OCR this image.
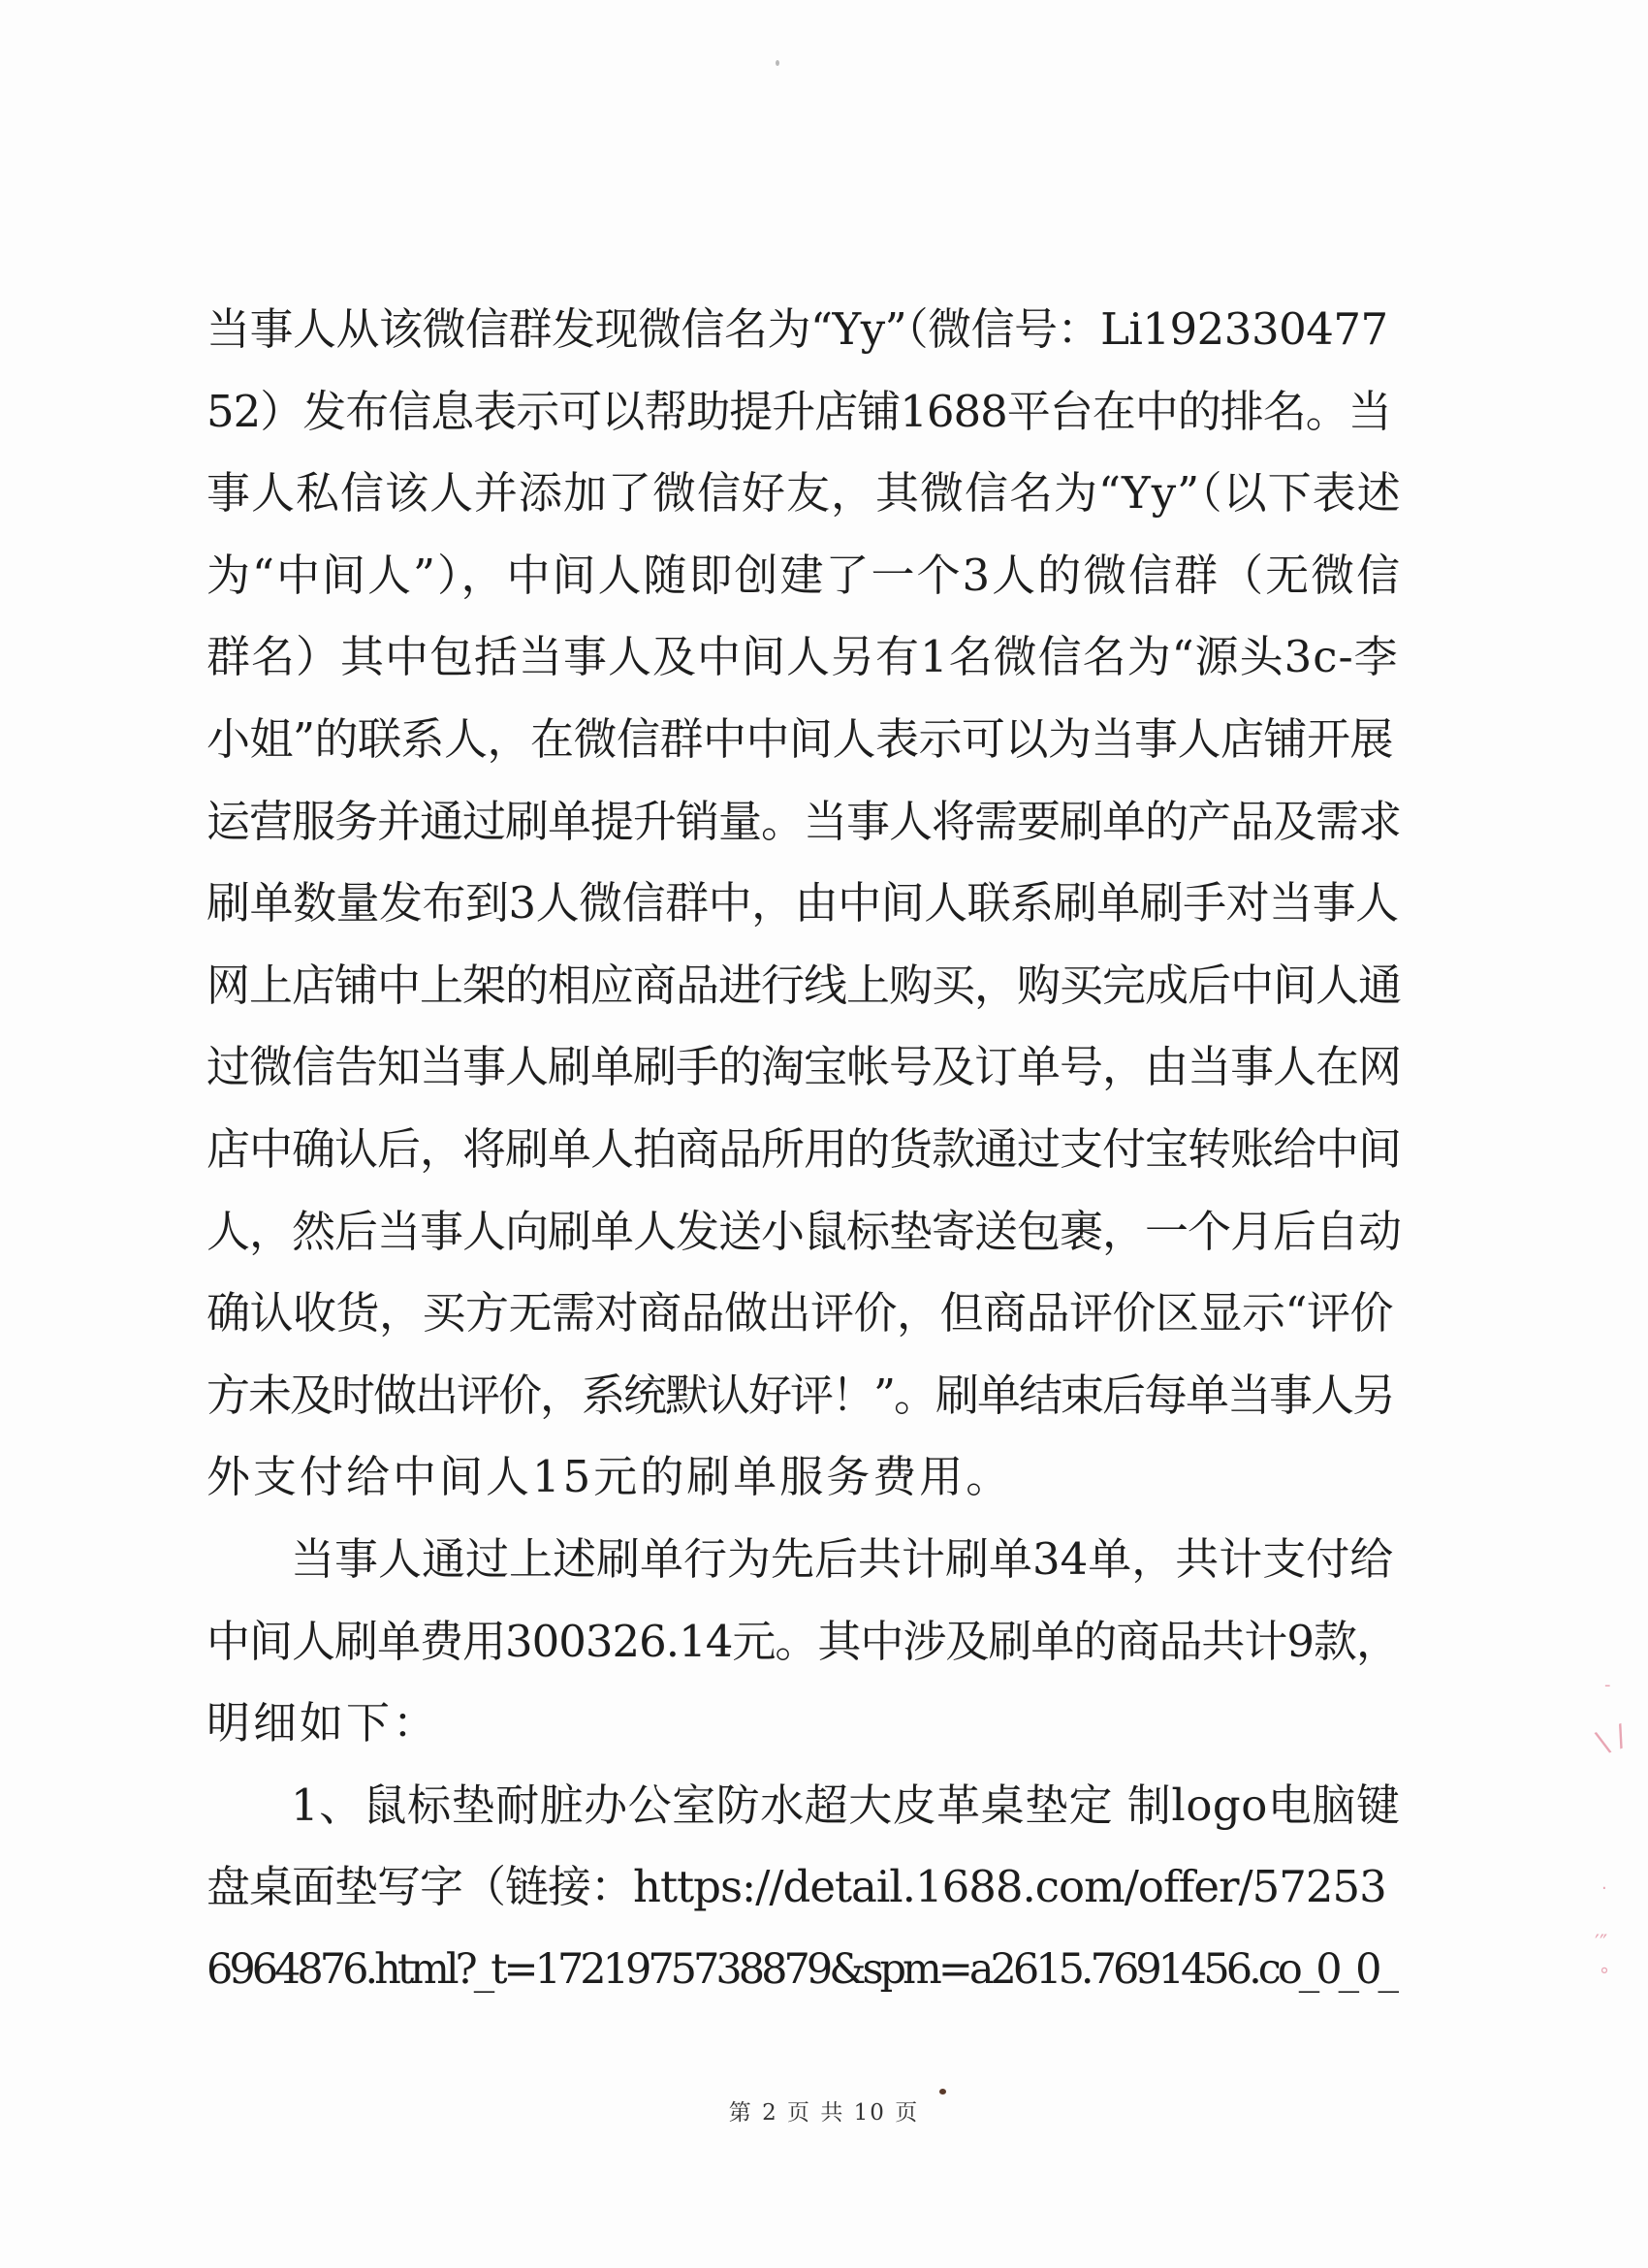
-
\ /
·
′″
°
当事人从该微信群发现微信名为“Yy”（微信号：Li192330477
52）发布信息表示可以帮助提升店铺1688平台在中的排名。当
事人私信该人并添加了微信好友，其微信名为“Yy”（以下表述
为“中间人”），中间人随即创建了一个3人的微信群（无微信
群名）其中包括当事人及中间人另有1名微信名为“源头3c-李
小姐”的联系人，在微信群中中间人表示可以为当事人店铺开展
运营服务并通过刷单提升销量。当事人将需要刷单的产品及需求
刷单数量发布到3人微信群中，由中间人联系刷单刷手对当事人
网上店铺中上架的相应商品进行线上购买，购买完成后中间人通
过微信告知当事人刷单刷手的淘宝帐号及订单号，由当事人在网
店中确认后，将刷单人拍商品所用的货款通过支付宝转账给中间
人，然后当事人向刷单人发送小鼠标垫寄送包裹，一个月后自动
确认收货，买方无需对商品做出评价，但商品评价区显示“评价
方未及时做出评价，系统默认好评！”。刷单结束后每单当事人另
外支付给中间人15元的刷单服务费用。
当事人通过上述刷单行为先后共计刷单34单，共计支付给
中间人刷单费用300326.14元。其中涉及刷单的商品共计9款，
明细如下：
1、鼠标垫耐脏办公室防水超大皮革桌垫定 制logo电脑键
盘桌面垫写字（链接：https://detail.1688.com/offer/57253
6964876.html?_t=1721975738879&spm=a2615.7691456.co_0_0_
第 2 页 共 10 页
